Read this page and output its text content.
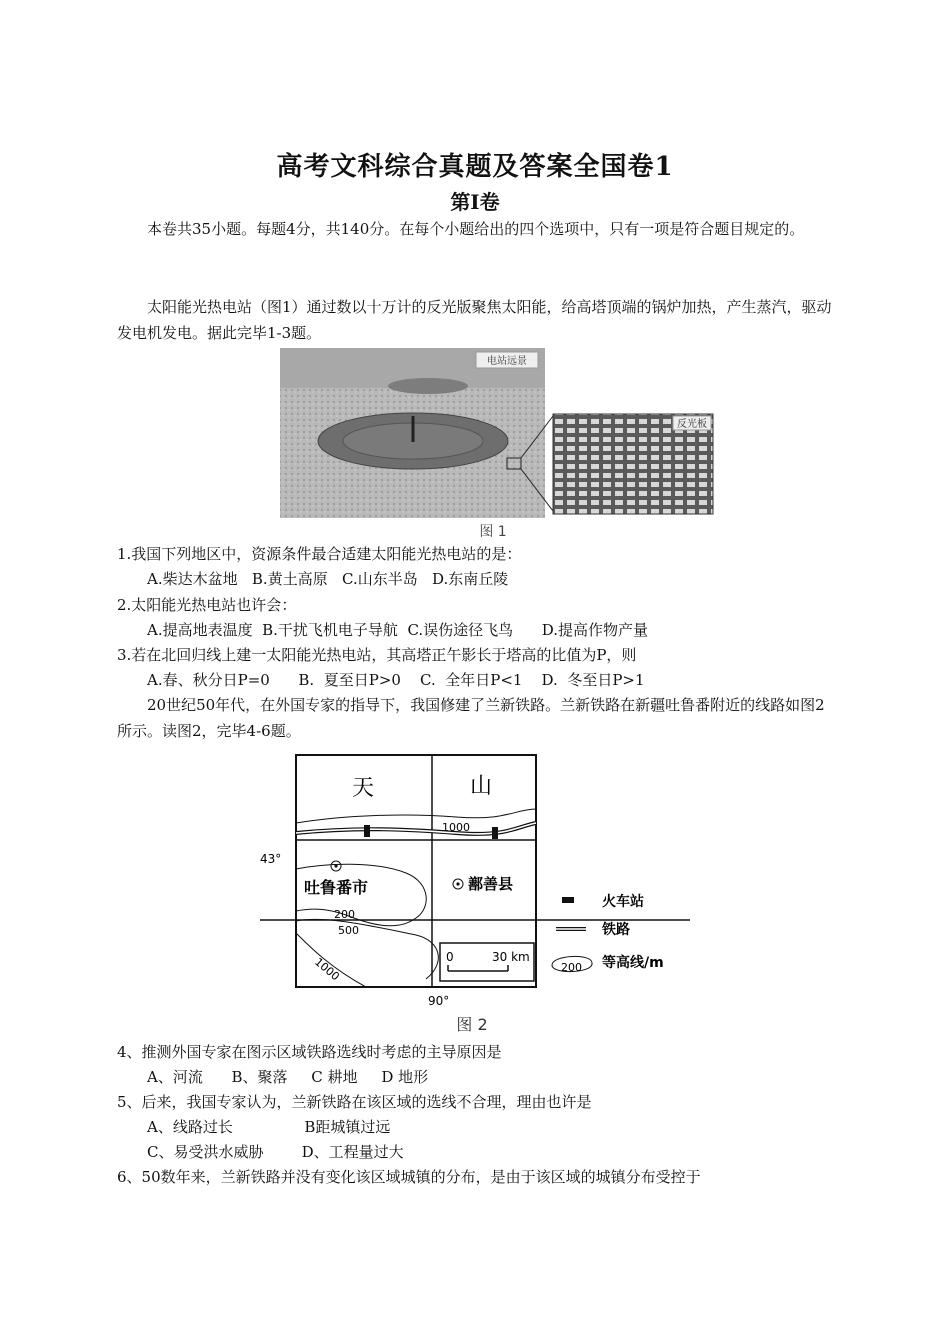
高考文科综合真题及答案全国卷1
第Ⅰ卷

本卷共35小题。每题4分，共140分。在每个小题给出的四个选项中，只有一项是符合题目规定的。

太阳能光热电站（图1）通过数以十万计的反光版聚焦太阳能，给高塔顶端的锅炉加热，产生蒸汽，驱动发电机发电。据此完毕1-3题。

电站远景
反光板
图 1
1.我国下列地区中，资源条件最合适建太阳能光热电站的是：
A.柴达木盆地   B.黄土高原   C.山东半岛   D.东南丘陵
2.太阳能光热电站也许会：
A.提高地表温度  B.干扰飞机电子导航  C.误伤途径飞鸟      D.提高作物产量
3.若在北回归线上建一太阳能光热电站，其高塔正午影长于塔高的比值为P，则
A.春、秋分日P=0      B.  夏至日P>0    C.  全年日P<1    D.  冬至日P>1

20世纪50年代，在外国专家的指导下，我国修建了兰新铁路。兰新铁路在新疆吐鲁番附近的线路如图2所示。读图2，完毕4-6题。

天	山
1000
43°
吐鲁番市	鄯善县
200
500
1000	0	30 km
90°
火车站
铁路
200 等高线/m
图 2
4、推测外国专家在图示区域铁路选线时考虑的主导原因是
A、河流      B、聚落     C 耕地     D 地形
5、后来，我国专家认为，兰新铁路在该区域的选线不合理，理由也许是
A、线路过长               B距城镇过远
C、易受洪水威胁        D、工程量过大
6、50数年来，兰新铁路并没有变化该区域城镇的分布，是由于该区域的城镇分布受控于
